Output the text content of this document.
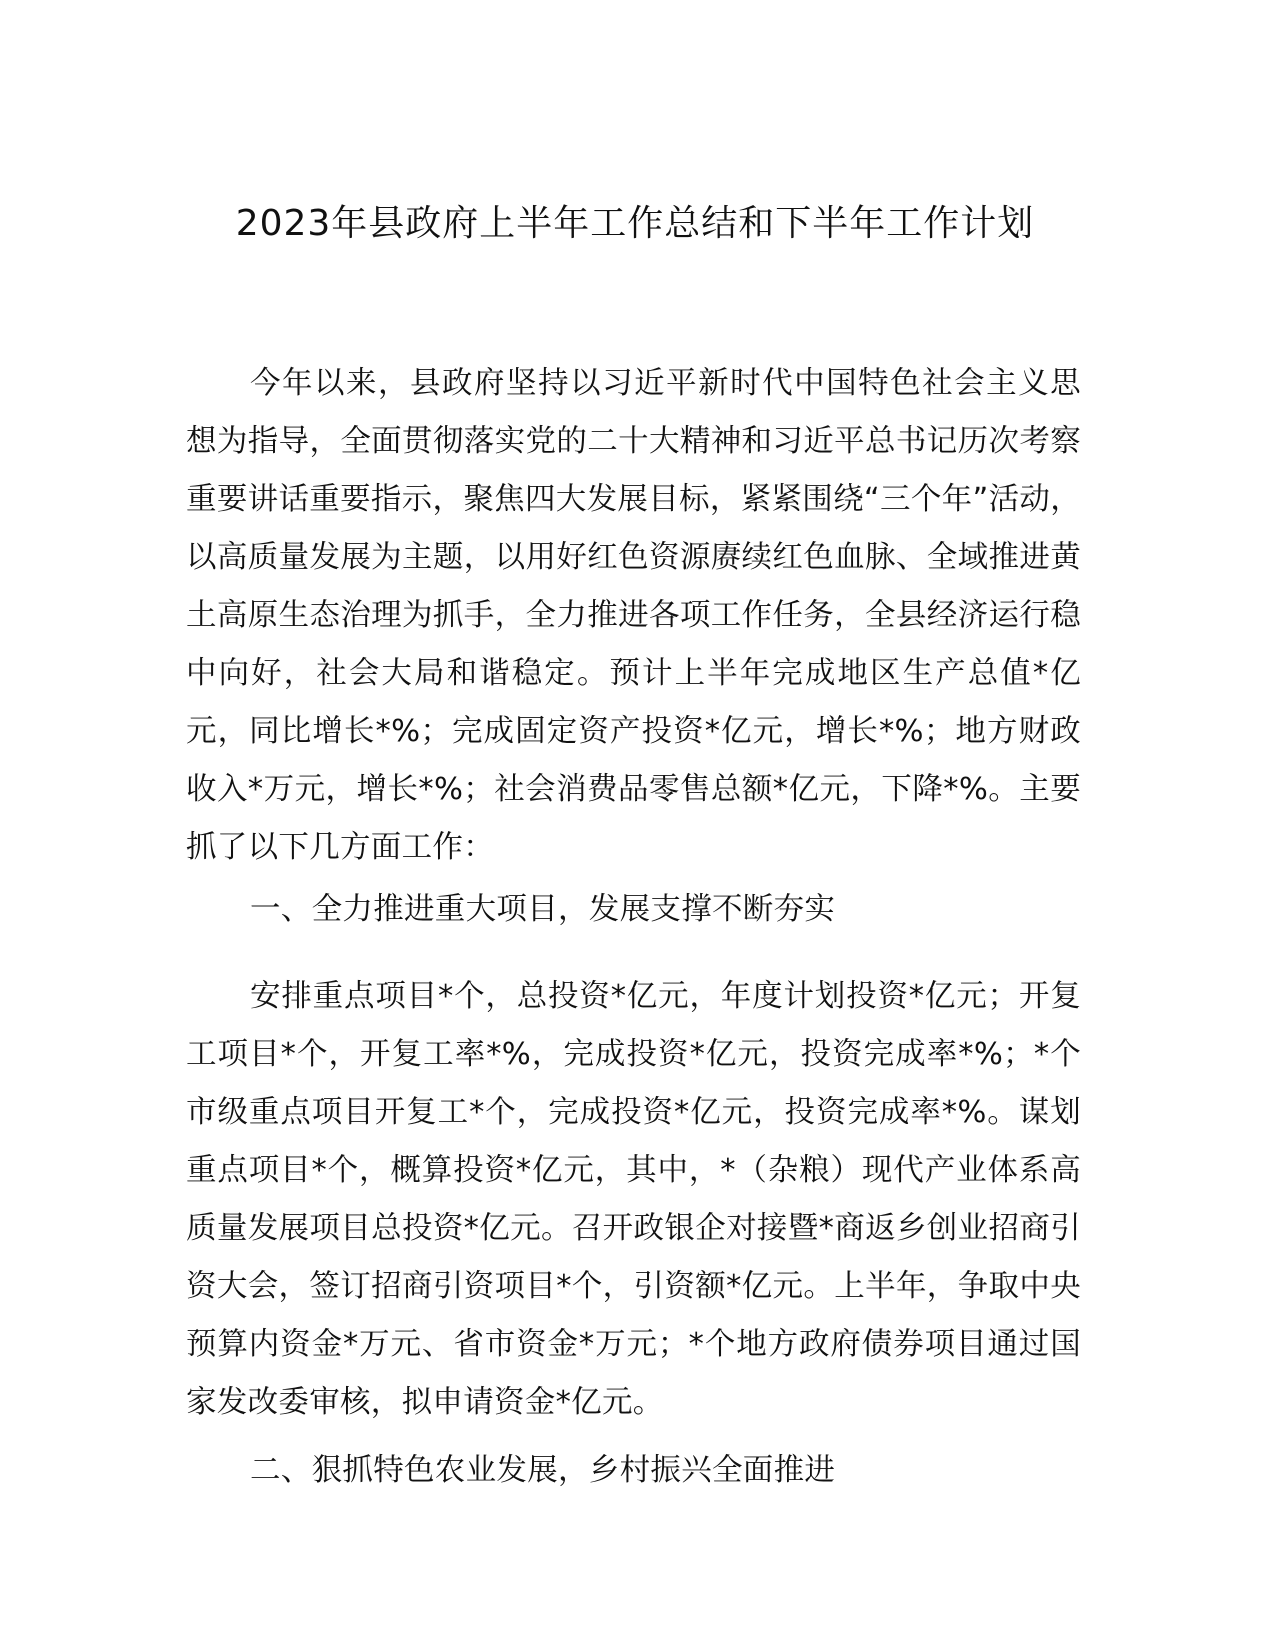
2023年县政府上半年工作总结和下半年工作计划

今年以来，县政府坚持以习近平新时代中国特色社会主义思想为指导，全面贯彻落实党的二十大精神和习近平总书记历次考察重要讲话重要指示，聚焦四大发展目标，紧紧围绕“三个年”活动，以高质量发展为主题，以用好红色资源赓续红色血脉、全域推进黄土高原生态治理为抓手，全力推进各项工作任务，全县经济运行稳中向好，社会大局和谐稳定。预计上半年完成地区生产总值*亿元，同比增长*%；完成固定资产投资*亿元，增长*%；地方财政收入*万元，增长*%；社会消费品零售总额*亿元，下降*%。主要抓了以下几方面工作：

一、全力推进重大项目，发展支撑不断夯实

安排重点项目*个，总投资*亿元，年度计划投资*亿元；开复工项目*个，开复工率*%，完成投资*亿元，投资完成率*%；*个市级重点项目开复工*个，完成投资*亿元，投资完成率*%。谋划重点项目*个，概算投资*亿元，其中，*（杂粮）现代产业体系高质量发展项目总投资*亿元。召开政银企对接暨*商返乡创业招商引资大会，签订招商引资项目*个，引资额*亿元。上半年，争取中央预算内资金*万元、省市资金*万元；*个地方政府债券项目通过国家发改委审核，拟申请资金*亿元。

二、狠抓特色农业发展，乡村振兴全面推进
